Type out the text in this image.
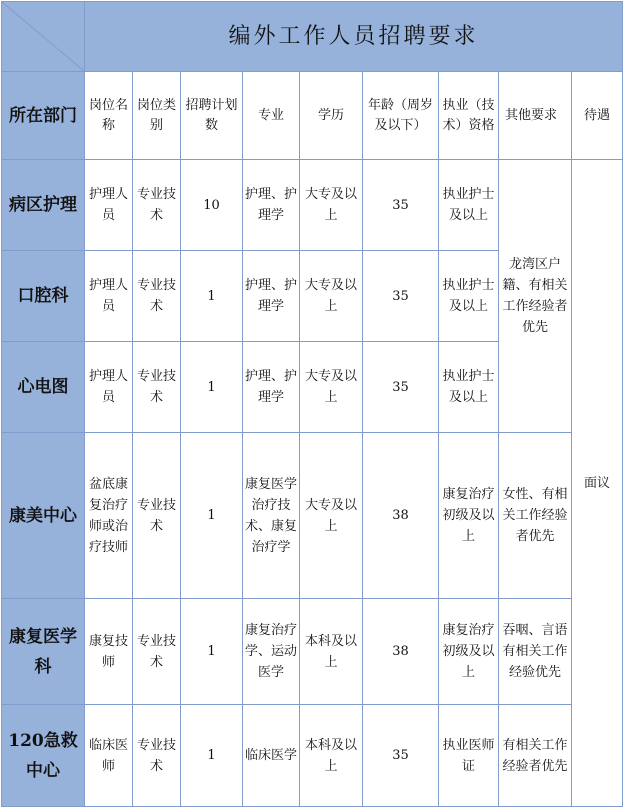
	编外工作人员招聘要求								
所在部门	岗位名称	岗位类别	招聘计划数	专业	学历	年龄（周岁及以下）	执业（技术）资格	其他要求	待遇
病区护理	护理人员	专业技术	10	护理、护理学	大专及以上	35	执业护士及以上	龙湾区户籍、有相关工作经验者优先	面议
口腔科	护理人员	专业技术	1	护理、护理学	大专及以上	35	执业护士及以上		
心电图	护理人员	专业技术	1	护理、护理学	大专及以上	35	执业护士及以上		
康美中心	盆底康复治疗师或治疗技师	专业技术	1	康复医学治疗技术、康复治疗学	大专及以上	38	康复治疗初级及以上	女性、有相关工作经验者优先	
康复医学科	康复技师	专业技术	1	康复治疗学、运动医学	本科及以上	38	康复治疗初级及以上	吞咽、言语有相关工作经验优先	
120急救中心	临床医师	专业技术	1	临床医学	本科及以上	35	执业医师证	有相关工作经验者优先	
